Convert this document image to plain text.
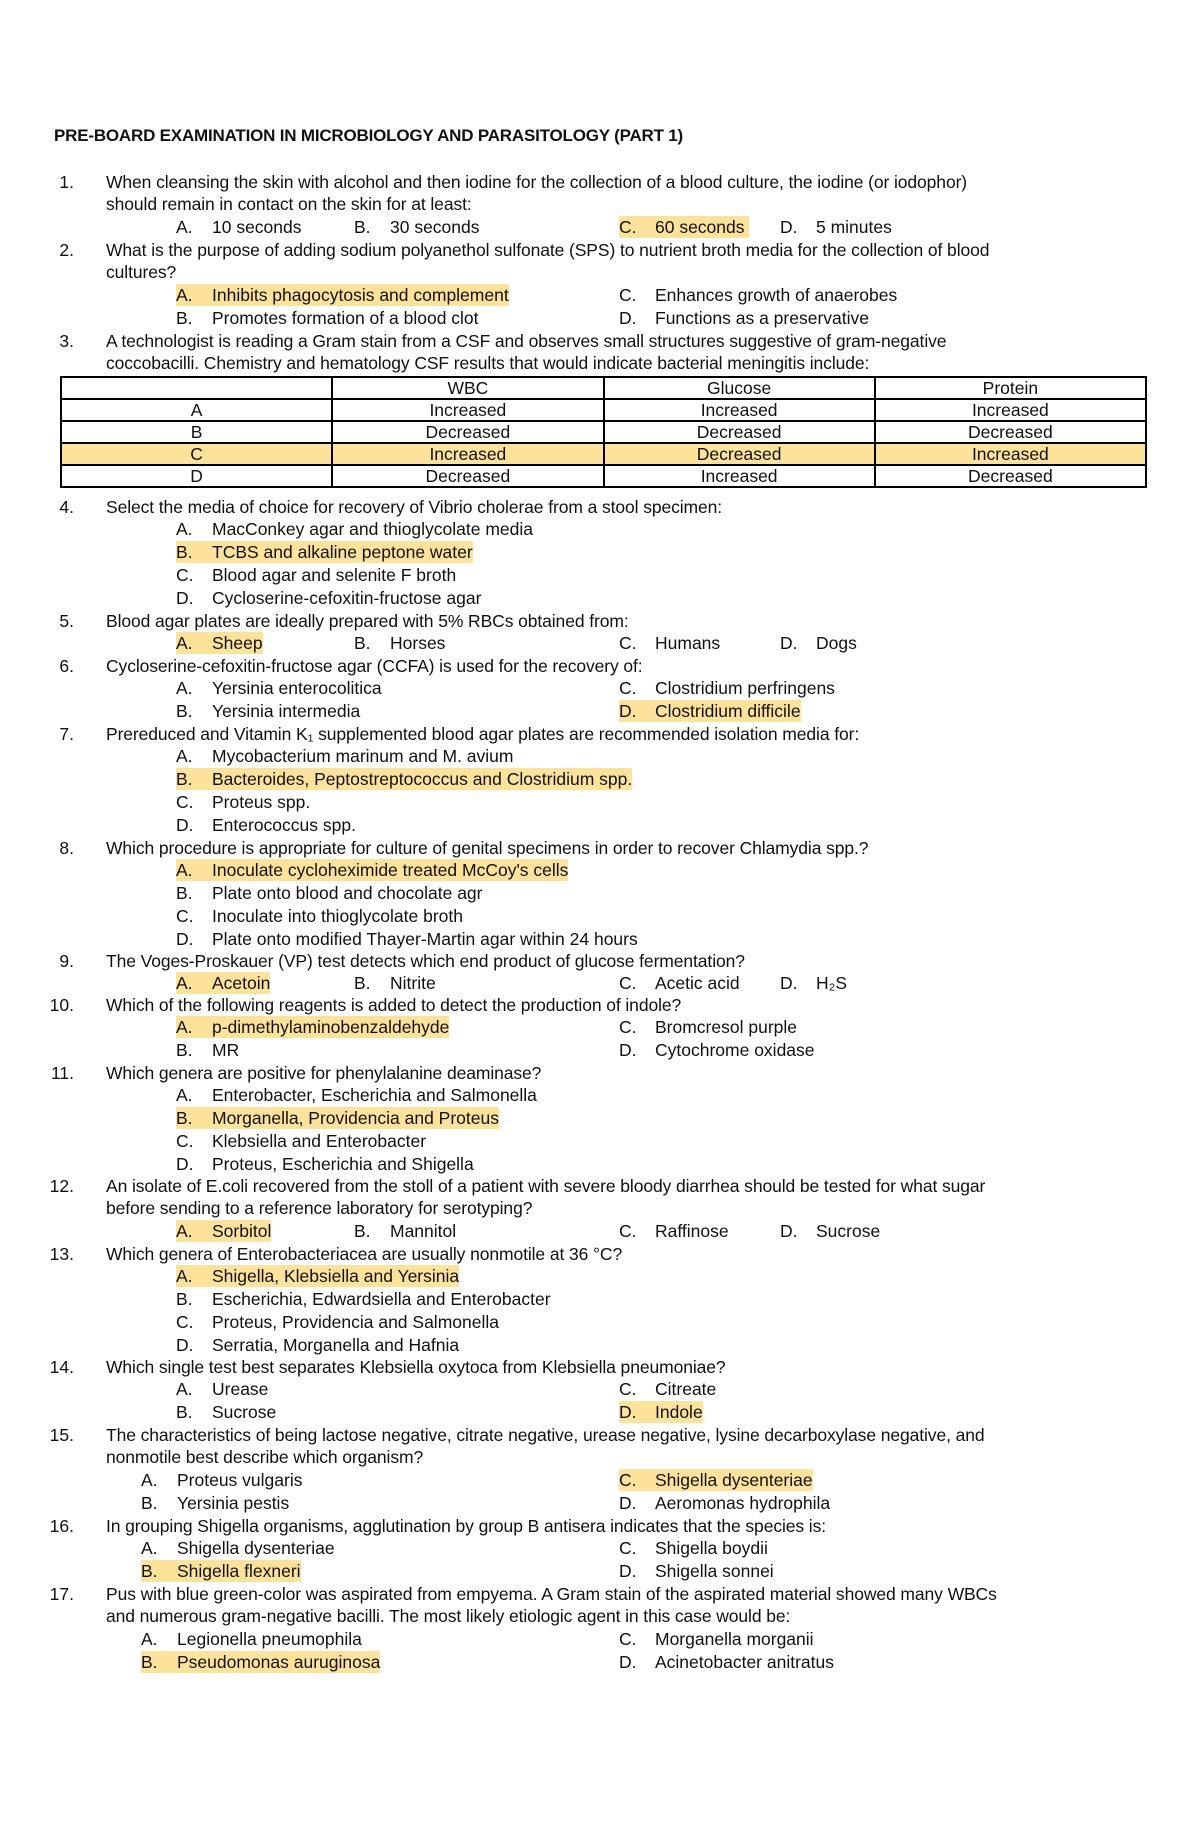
PRE-BOARD EXAMINATION IN MICROBIOLOGY AND PARASITOLOGY (PART 1)
1. When cleansing the skin with alcohol and then iodine for the collection of a blood culture, the iodine (or iodophor)
should remain in contact on the skin for at least:
A. 10 seconds	B. 30 seconds	C. 60 seconds D. 5 minutes
2. What is the purpose of adding sodium polyanethol sulfonate (SPS) to nutrient broth media for the collection of blood
cultures?
A. Inhibits phagocytosis and complement	C. Enhances growth of anaerobes
B. Promotes formation of a blood clot	D. Functions as a preservative
3. A technologist is reading a Gram stain from a CSF and observes small structures suggestive of gram-negative
coccobacilli. Chemistry and hematology CSF results that would indicate bacterial meningitis include:
	WBC	Glucose	Protein
A	Increased	Increased	Increased
B	Decreased	Decreased	Decreased
C	Increased	Decreased	Increased
D	Decreased	Increased	Decreased
4. Select the media of choice for recovery of Vibrio cholerae from a stool specimen:
A. MacConkey agar and thioglycolate media
B. TCBS and alkaline peptone water
C. Blood agar and selenite F broth
D. Cycloserine-cefoxitin-fructose agar
5. Blood agar plates are ideally prepared with 5% RBCs obtained from:
A. Sheep	B. Horses	C. Humans	D. Dogs
6. Cycloserine-cefoxitin-fructose agar (CCFA) is used for the recovery of:
A. Yersinia enterocolitica	C. Clostridium perfringens
B. Yersinia intermedia	D. Clostridium difficile
7. Prereduced and Vitamin K₁ supplemented blood agar plates are recommended isolation media for:
A. Mycobacterium marinum and M. avium
B. Bacteroides, Peptostreptococcus and Clostridium spp.
C. Proteus spp.
D. Enterococcus spp.
8. Which procedure is appropriate for culture of genital specimens in order to recover Chlamydia spp.?
A. Inoculate cycloheximide treated McCoy's cells
B. Plate onto blood and chocolate agr
C. Inoculate into thioglycolate broth
D. Plate onto modified Thayer-Martin agar within 24 hours
9. The Voges-Proskauer (VP) test detects which end product of glucose fermentation?
A. Acetoin	B. Nitrite	C. Acetic acid D. H₂S
10. Which of the following reagents is added to detect the production of indole?
A. p-dimethylaminobenzaldehyde	C. Bromcresol purple
B. MR	D. Cytochrome oxidase
11. Which genera are positive for phenylalanine deaminase?
A. Enterobacter, Escherichia and Salmonella
B. Morganella, Providencia and Proteus
C. Klebsiella and Enterobacter
D. Proteus, Escherichia and Shigella
12. An isolate of E.coli recovered from the stoll of a patient with severe bloody diarrhea should be tested for what sugar
before sending to a reference laboratory for serotyping?
A. Sorbitol	B. Mannitol	C. Raffinose	D. Sucrose
13. Which genera of Enterobacteriacea are usually nonmotile at 36 °C?
A. Shigella, Klebsiella and Yersinia
B. Escherichia, Edwardsiella and Enterobacter
C. Proteus, Providencia and Salmonella
D. Serratia, Morganella and Hafnia
14. Which single test best separates Klebsiella oxytoca from Klebsiella pneumoniae?
A. Urease	C. Citreate
B. Sucrose	D. Indole
15. The characteristics of being lactose negative, citrate negative, urease negative, lysine decarboxylase negative, and
nonmotile best describe which organism?
A. Proteus vulgaris	C. Shigella dysenteriae
B. Yersinia pestis	D. Aeromonas hydrophila
16. In grouping Shigella organisms, agglutination by group B antisera indicates that the species is:
A. Shigella dysenteriae	C. Shigella boydii
B. Shigella flexneri	D. Shigella sonnei
17. Pus with blue green-color was aspirated from empyema. A Gram stain of the aspirated material showed many WBCs
and numerous gram-negative bacilli. The most likely etiologic agent in this case would be:
A. Legionella pneumophila	C. Morganella morganii
B. Pseudomonas auruginosa	D. Acinetobacter anitratus
